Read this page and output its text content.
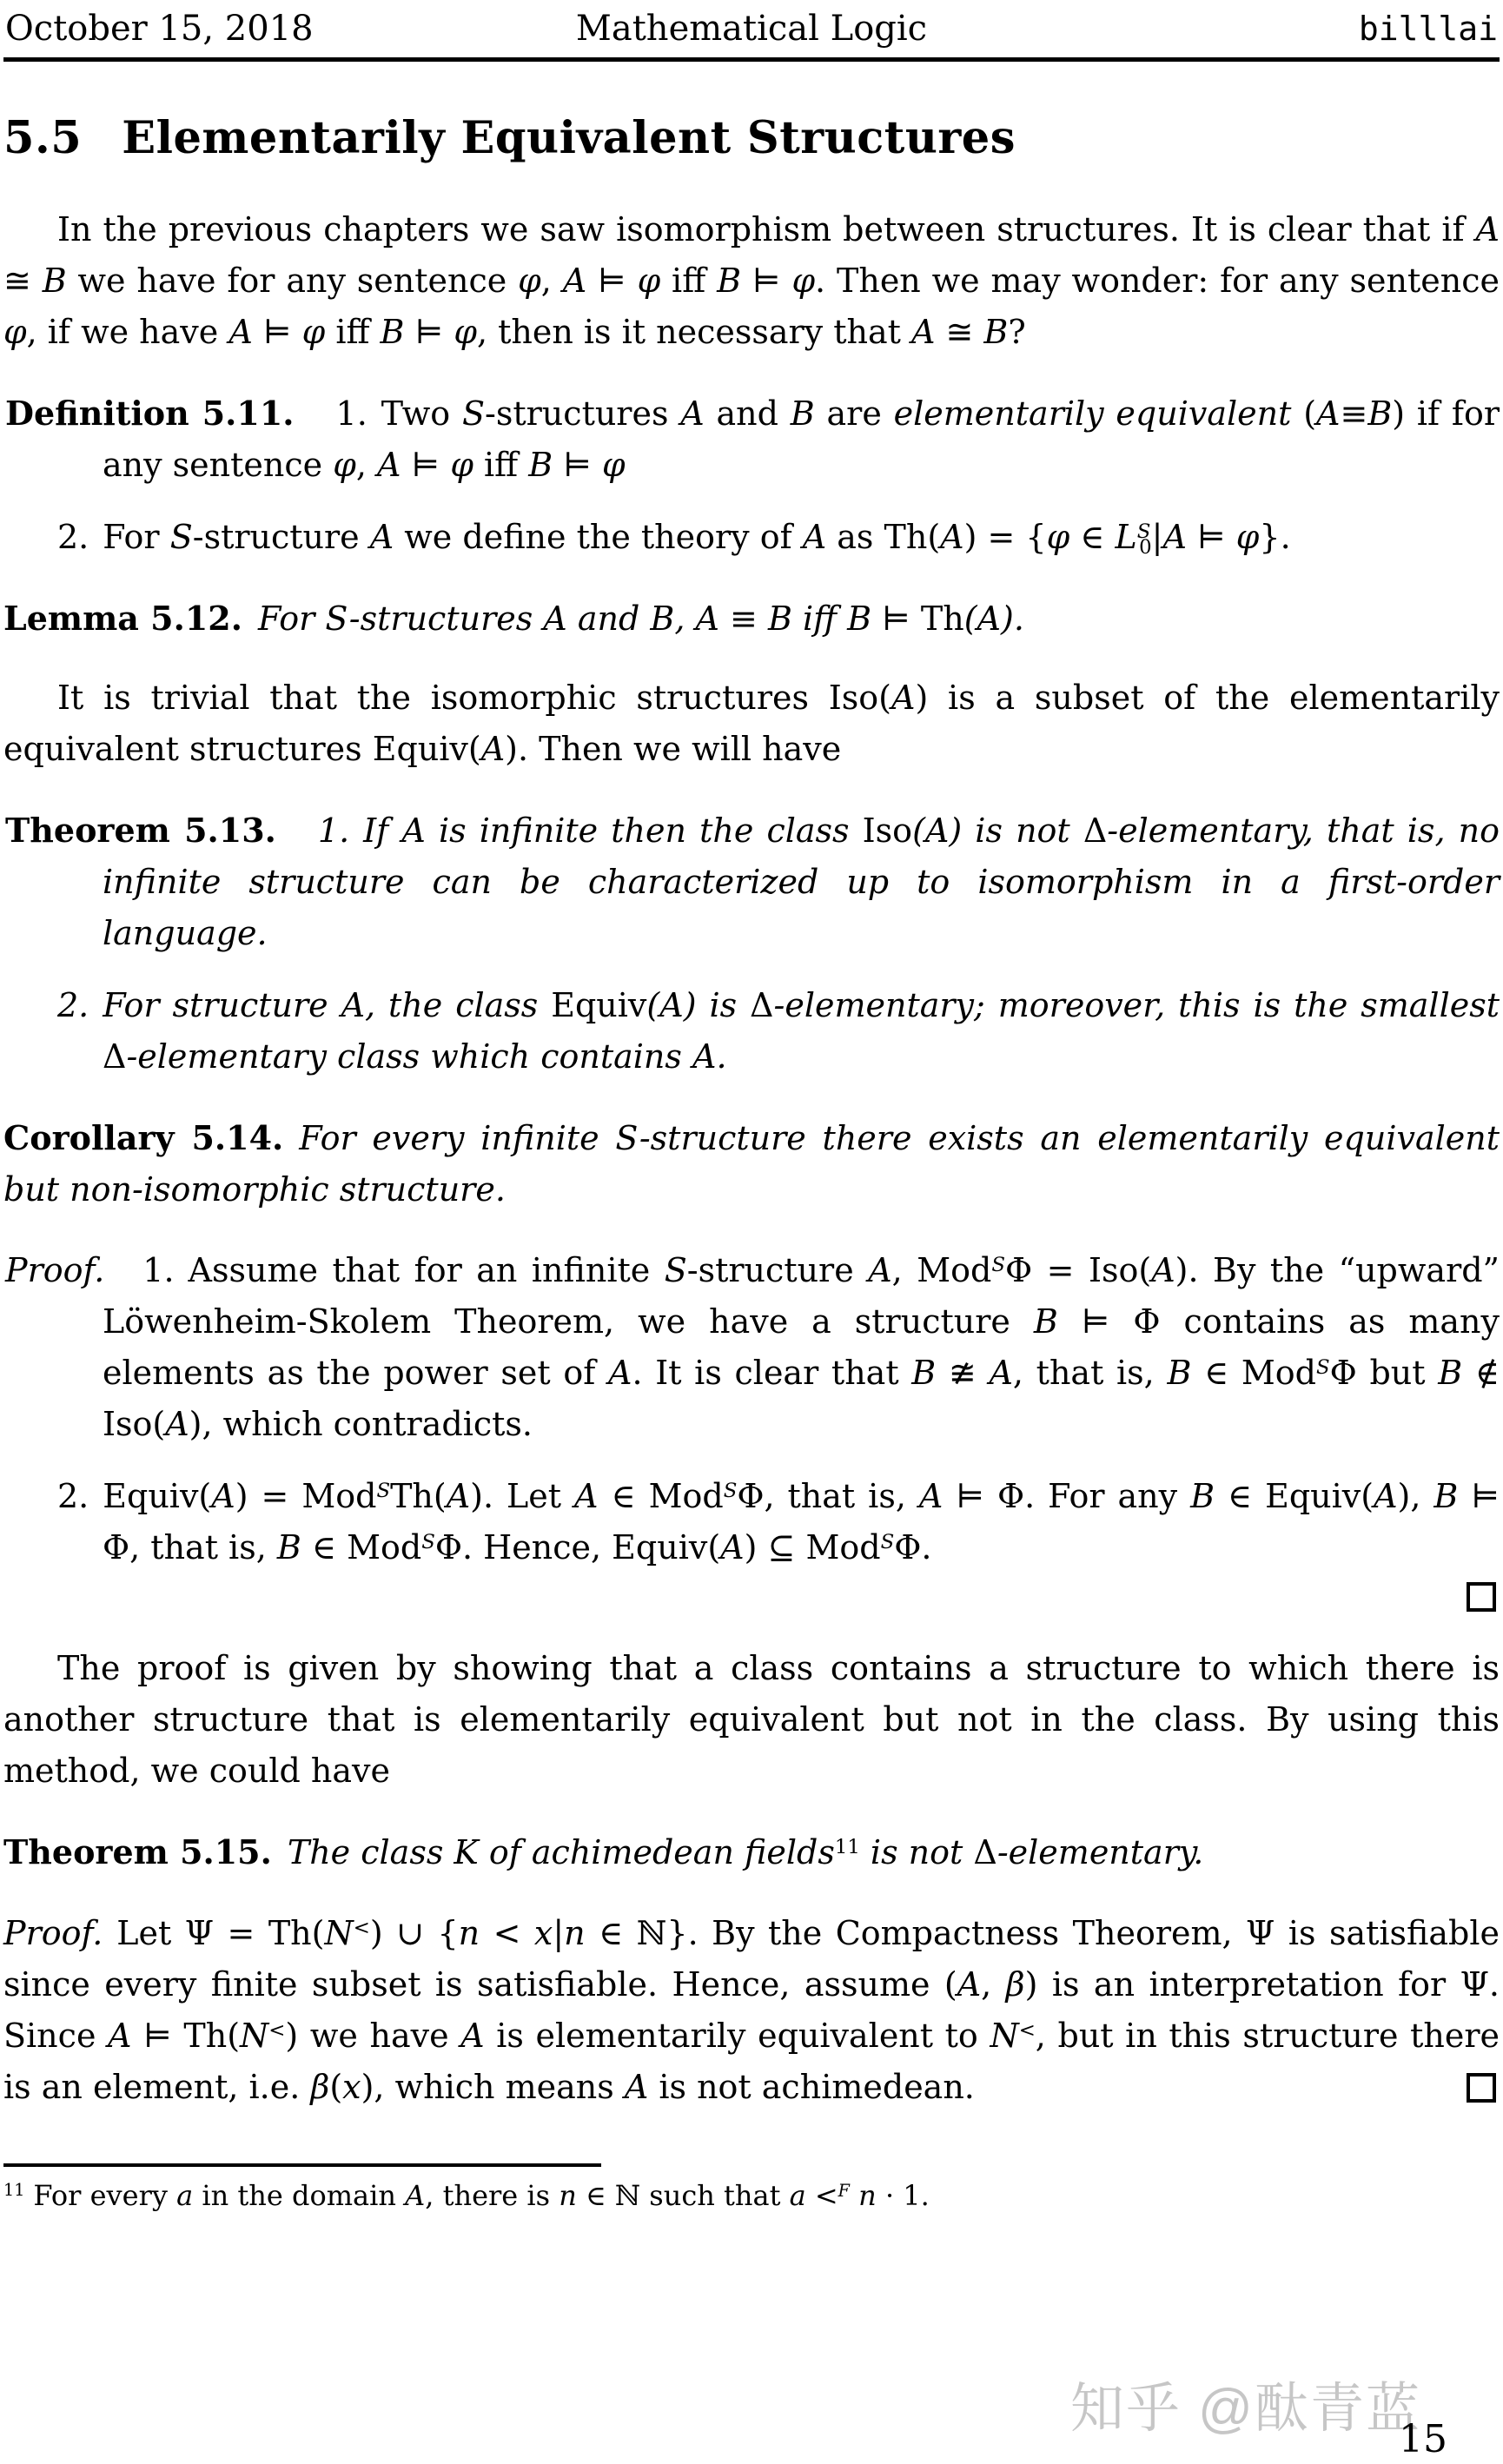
October 15, 2018	Mathematical Logic	billlai
5.5 Elementarily Equivalent Structures

In the previous chapters we saw isomorphism between structures. It is clear that if A ≅ B we have for any sentence φ, A ⊨ φ iff B ⊨ φ. Then we may wonder: for any sentence φ, if we have A ⊨ φ iff B ⊨ φ, then is it necessary that A ≅ B?

Definition 5.11. 1. Two S-structures A and B are elementarily equivalent (A≡B) if for any sentence φ, A ⊨ φ iff B ⊨ φ
2. For S-structure A we define the theory of A as Th(A) = {φ ∈ $L^S0|A$ ⊨ φ}.
Lemma 5.12. For S-structures A and B, A ≡ B iff B ⊨ Th(A).

It is trivial that the isomorphic structures Iso(A) is a subset of the elementarily equivalent structures Equiv(A). Then we will have

Theorem 5.13. 1. If A is infinite then the class Iso(A) is not Δ-elementary, that is, no infinite structure can be characterized up to isomorphism in a first-order language.
2. For structure A, the class Equiv(A) is Δ-elementary; moreover, this is the smallest Δ-elementary class which contains A.
Corollary 5.14. For every infinite S-structure there exists an elementarily equivalent but non-isomorphic structure.
Proof. 1. Assume that for an infinite S-structure A, Mod$^S$Φ = Iso(A). By the “upward” Löwenheim-Skolem Theorem, we have a structure B ⊨ Φ contains as many elements as the power set of A. It is clear that B ≇ A, that is, B ∈ Mod$^S$Φ but B ∉ Iso(A), which contradicts.
2. Equiv(A) = Mod$^S$Th(A). Let A ∈ Mod$^S$Φ, that is, A ⊨ Φ. For any B ∈ Equiv(A), B ⊨ Φ, that is, B ∈ Mod$^S$Φ. Hence, Equiv(A) ⊆ Mod$^S$Φ.

The proof is given by showing that a class contains a structure to which there is another structure that is elementarily equivalent but not in the class. By using this method, we could have

Theorem 5.15. The class K of achimedean fields$^{11}$ is not Δ-elementary.
Proof. Let Ψ = Th(N<) ∪ {n < x|n ∈ ℕ}. By the Compactness Theorem, Ψ is satisfiable since every finite subset is satisfiable. Hence, assume (A, β) is an interpretation for Ψ. Since A ⊨ Th(N<) we have A is elementarily equivalent to N<, but in this structure there is an element, i.e. β(x), which means A is not achimedean.
$^{11}$ For every a in the domain A, there is n ∈ ℕ such that a <$^F$ n · 1.
知乎 @酞青蓝
15
